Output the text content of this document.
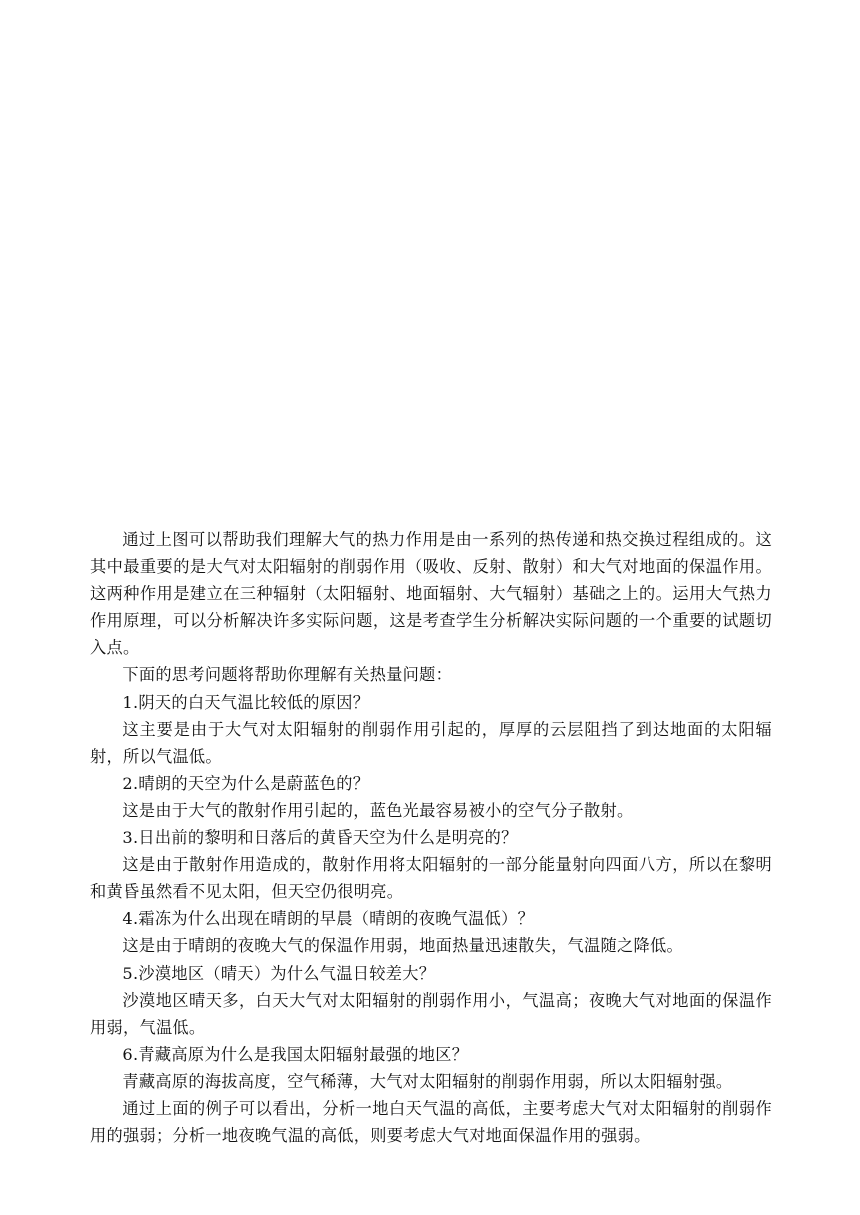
通过上图可以帮助我们理解大气的热力作用是由一系列的热传递和热交换过程组成的。这其中最重要的是大气对太阳辐射的削弱作用（吸收、反射、散射）和大气对地面的保温作用。这两种作用是建立在三种辐射（太阳辐射、地面辐射、大气辐射）基础之上的。运用大气热力作用原理，可以分析解决许多实际问题，这是考查学生分析解决实际问题的一个重要的试题切入点。

下面的思考问题将帮助你理解有关热量问题：

1.阴天的白天气温比较低的原因？

这主要是由于大气对太阳辐射的削弱作用引起的，厚厚的云层阻挡了到达地面的太阳辐射，所以气温低。

2.晴朗的天空为什么是蔚蓝色的？

这是由于大气的散射作用引起的，蓝色光最容易被小的空气分子散射。

3.日出前的黎明和日落后的黄昏天空为什么是明亮的？

这是由于散射作用造成的，散射作用将太阳辐射的一部分能量射向四面八方，所以在黎明和黄昏虽然看不见太阳，但天空仍很明亮。

4.霜冻为什么出现在晴朗的早晨（晴朗的夜晚气温低）？

这是由于晴朗的夜晚大气的保温作用弱，地面热量迅速散失，气温随之降低。

5.沙漠地区（晴天）为什么气温日较差大？

沙漠地区晴天多，白天大气对太阳辐射的削弱作用小，气温高；夜晚大气对地面的保温作用弱，气温低。

6.青藏高原为什么是我国太阳辐射最强的地区？

青藏高原的海拔高度，空气稀薄，大气对太阳辐射的削弱作用弱，所以太阳辐射强。

通过上面的例子可以看出，分析一地白天气温的高低，主要考虑大气对太阳辐射的削弱作用的强弱；分析一地夜晚气温的高低，则要考虑大气对地面保温作用的强弱。
